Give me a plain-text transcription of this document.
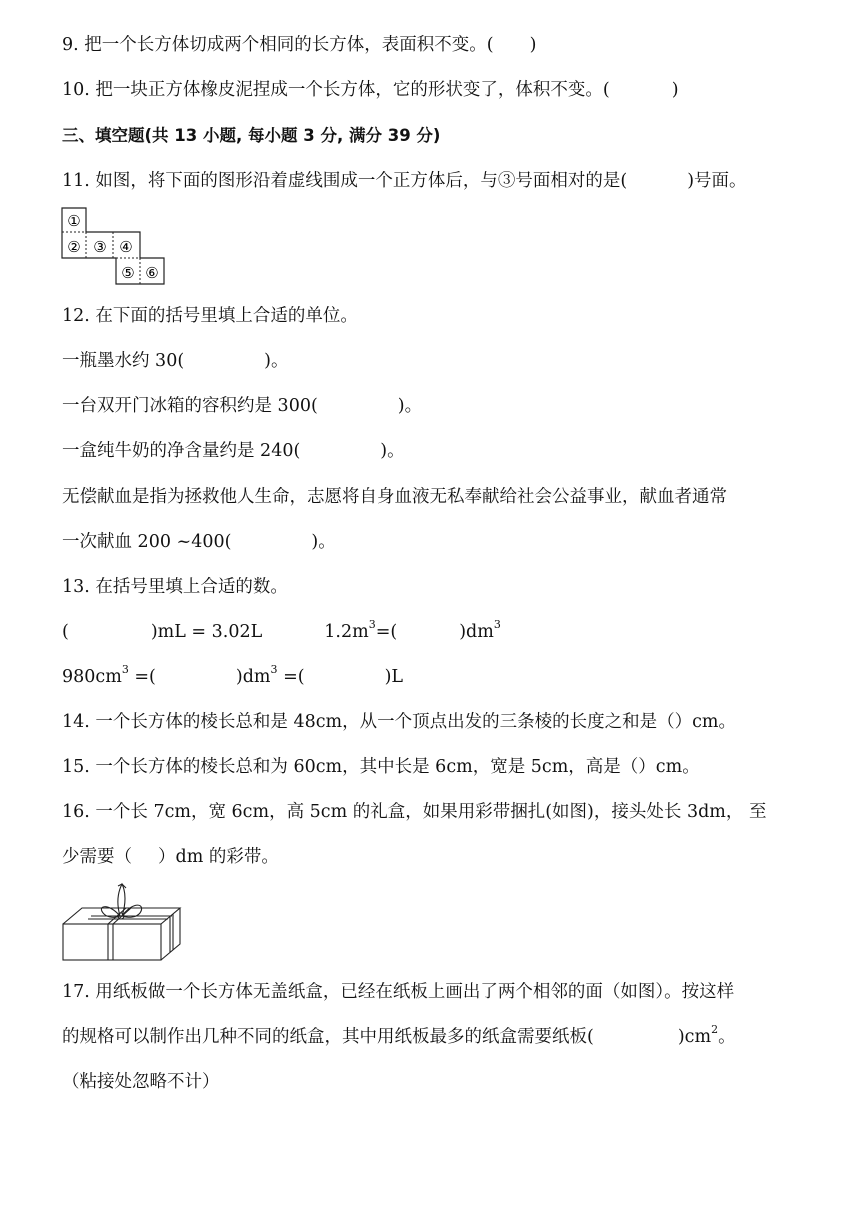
9. 把一个长方体切成两个相同的长方体，表面积不变。( )
10. 把一块正方体橡皮泥捏成一个长方体，它的形状变了，体积不变。(	)
三、填空题(共 13 小题, 每小题 3 分, 满分 39 分)
11. 如图，将下面的图形沿着虚线围成一个正方体后，与③号面相对的是(	)号面。
①
② ③ ④
⑤ ⑥
12. 在下面的括号里填上合适的单位。
一瓶墨水约 30(	)。
一台双开门冰箱的容积约是 300(	)。
一盒纯牛奶的净含量约是 240(	)。
无偿献血是指为拯救他人生命，志愿将自身血液无私奉献给社会公益事业，献血者通常
一次献血 200 ~400(	)。
13. 在括号里填上合适的数。
(	)mL = 3.02L	$1.2m^3=$(	)$dm^3$
$980cm^3$ =(	)$dm^3$ =(	)L
14. 一个长方体的棱长总和是 48cm，从一个顶点出发的三条棱的长度之和是（）cm。
15. 一个长方体的棱长总和为 60cm，其中长是 6cm，宽是 5cm，高是（）cm。
16. 一个长 7cm，宽 6cm，高 5cm 的礼盒，如果用彩带捆扎(如图)，接头处长 3dm， 至
少需要（ ）dm 的彩带。
17. 用纸板做一个长方体无盖纸盒，已经在纸板上画出了两个相邻的面（如图）。按这样
的规格可以制作出几种不同的纸盒，其中用纸板最多的纸盒需要纸板(	)$cm^2$。
（粘接处忽略不计）
